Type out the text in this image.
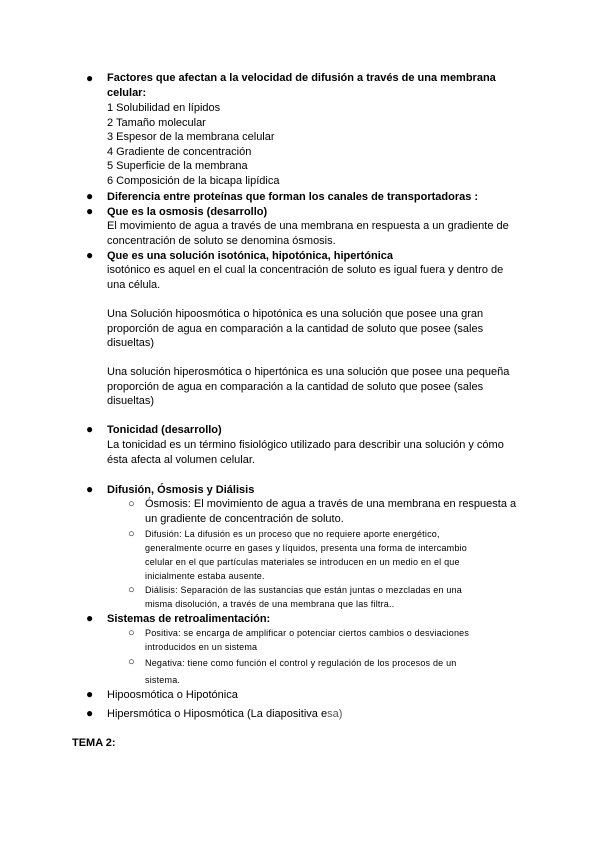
● Factores que afectan a la velocidad de difusión a través de una membrana
celular:
1 Solubilidad en lípidos
2 Tamaño molecular
3 Espesor de la membrana celular
4 Gradiente de concentración
5 Superficie de la membrana
6 Composición de la bicapa lipídica
● Diferencia entre proteínas que forman los canales de transportadoras :
● Que es la osmosis (desarrollo)
El movimiento de agua a través de una membrana en respuesta a un gradiente de
concentración de soluto se denomina ósmosis.
● Que es una solución isotónica, hipotónica, hipertónica
isotónico es aquel en el cual la concentración de soluto es igual fuera y dentro de
una célula.
Una Solución hipoosmótica o hipotónica es una solución que posee una gran
proporción de agua en comparación a la cantidad de soluto que posee (sales
disueltas)
Una solución hiperosmótica o hipertónica es una solución que posee una pequeña
proporción de agua en comparación a la cantidad de soluto que posee (sales
disueltas)
● Tonicidad (desarrollo)
La tonicidad es un término fisiológico utilizado para describir una solución y cómo
ésta afecta al volumen celular.
● Difusión, Ósmosis y Diálisis
○ Ósmosis: El movimiento de agua a través de una membrana en respuesta a
un gradiente de concentración de soluto.
○ Difusión: La difusión es un proceso que no requiere aporte energético,
generalmente ocurre en gases y líquidos, presenta una forma de intercambio
celular en el que partículas materiales se introducen en un medio en el que
inicialmente estaba ausente.
○ Diálisis: Separación de las sustancias que están juntas o mezcladas en una
misma disolución, a través de una membrana que las filtra..
● Sistemas de retroalimentación:
○ Positiva: se encarga de amplificar o potenciar ciertos cambios o desviaciones
introducidos en un sistema
○ Negativa: tiene como función el control y regulación de los procesos de un
sistema.
● Hipoosmótica o Hipotónica
● Hipersmótica o Hiposmótica (La diapositiva esa)
TEMA 2:
